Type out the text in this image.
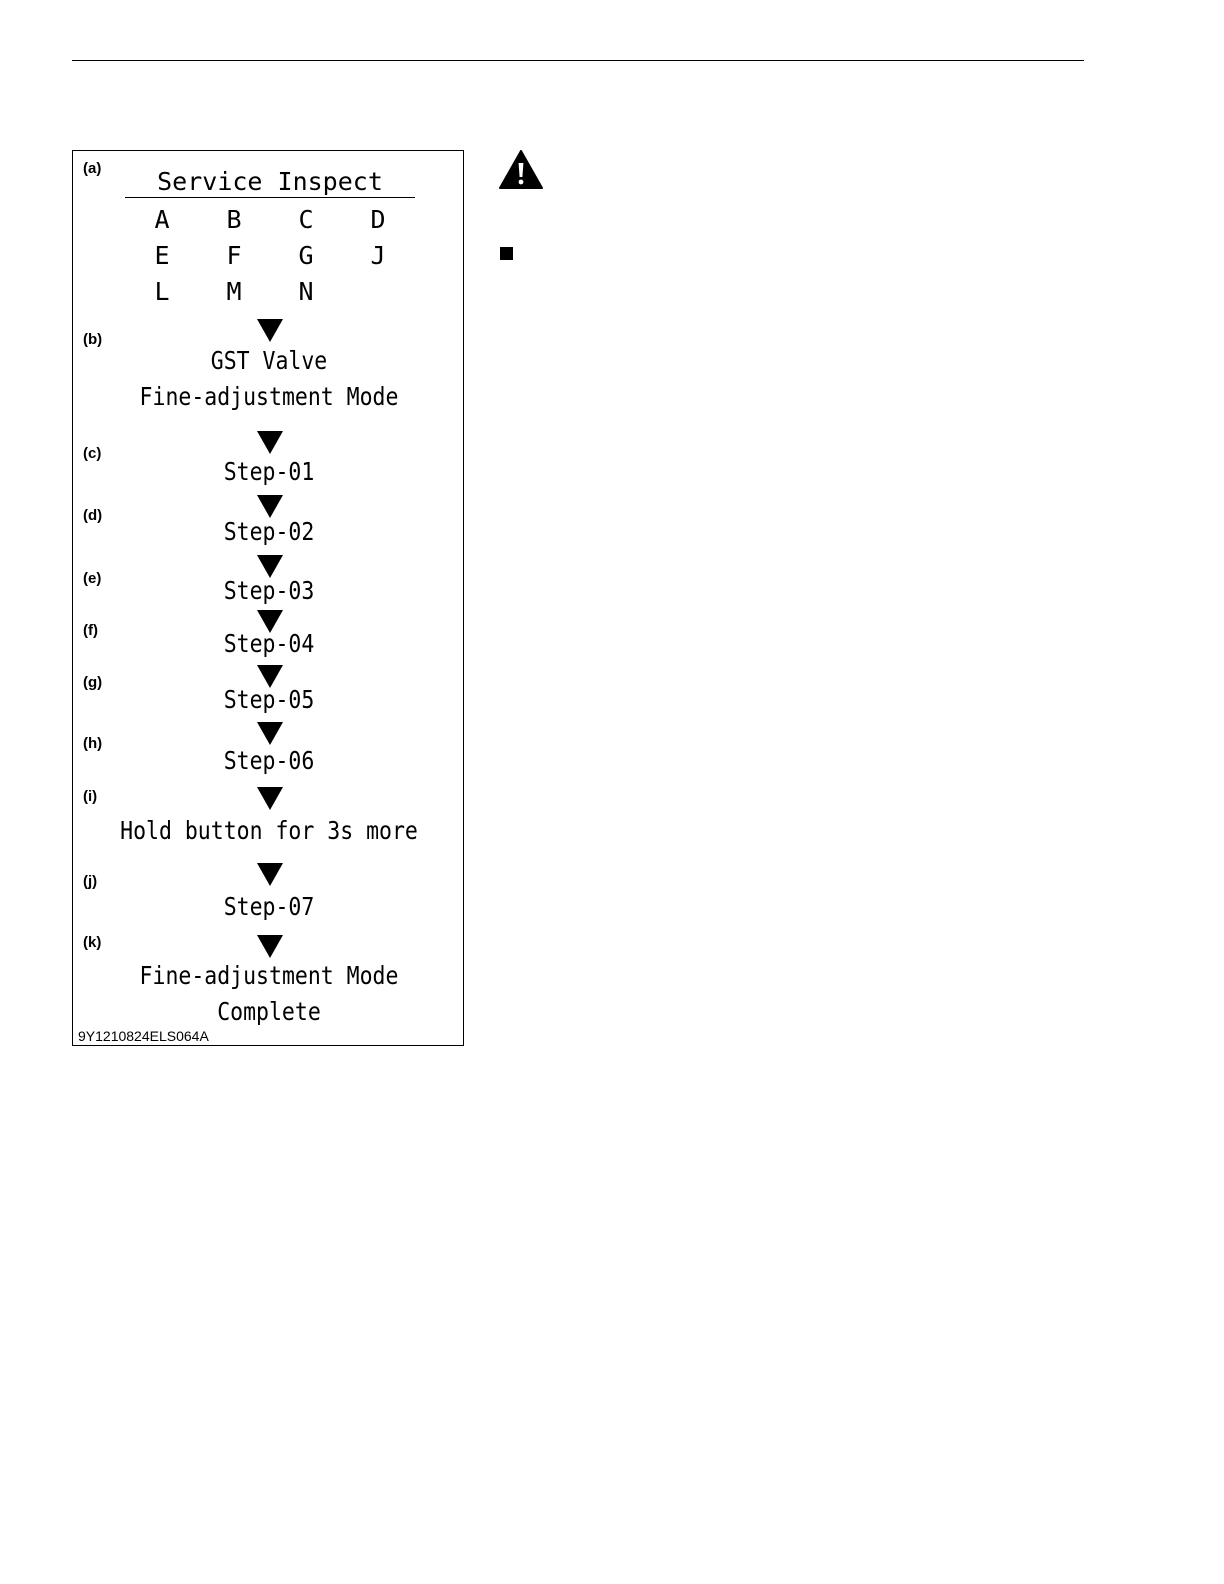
(a)
(b)
(c)
(d)
(e)
(f)
(g)
(h)
(i)
(j)
(k)
Service Inspect
A B C D
E F G J
L M N
GST Valve
Fine-adjustment Mode
Step-01
Step-02
Step-03
Step-04
Step-05
Step-06
Hold button for 3s more
Step-07
Fine-adjustment Mode
Complete
9Y1210824ELS064A
